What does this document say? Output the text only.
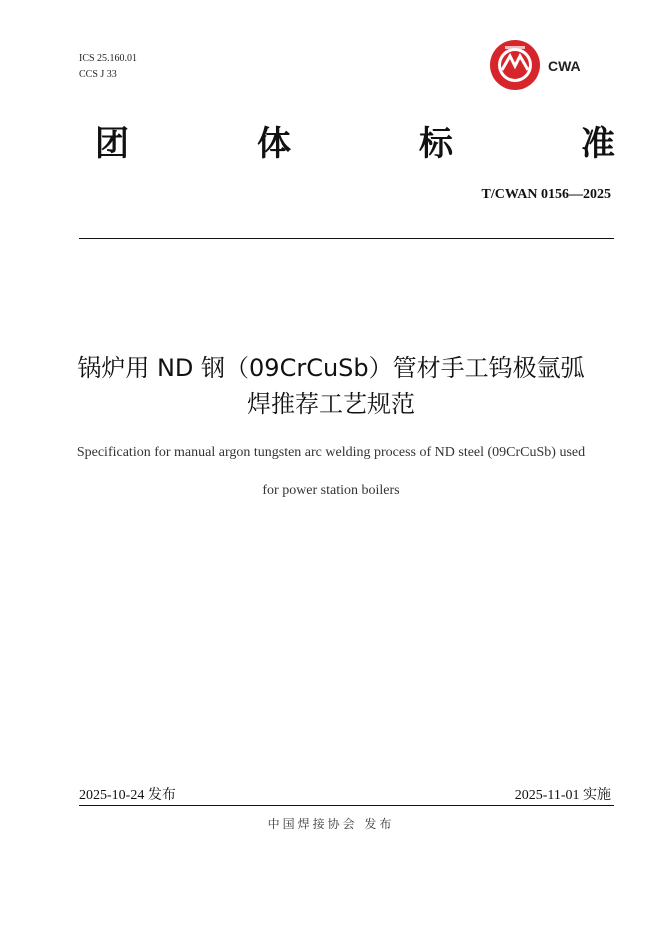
ICS 25.160.01
CCS J 33
CWA
团	体	标	准
T/CWAN 0156—2025
锅炉用 ND 钢（09CrCuSb）管材手工钨极氩弧
焊推荐工艺规范
Specification for manual argon tungsten arc welding process of ND steel (09CrCuSb) used
for power station boilers
2025-10-24 发布	2025-11-01 实施
中国焊接协会 发布
